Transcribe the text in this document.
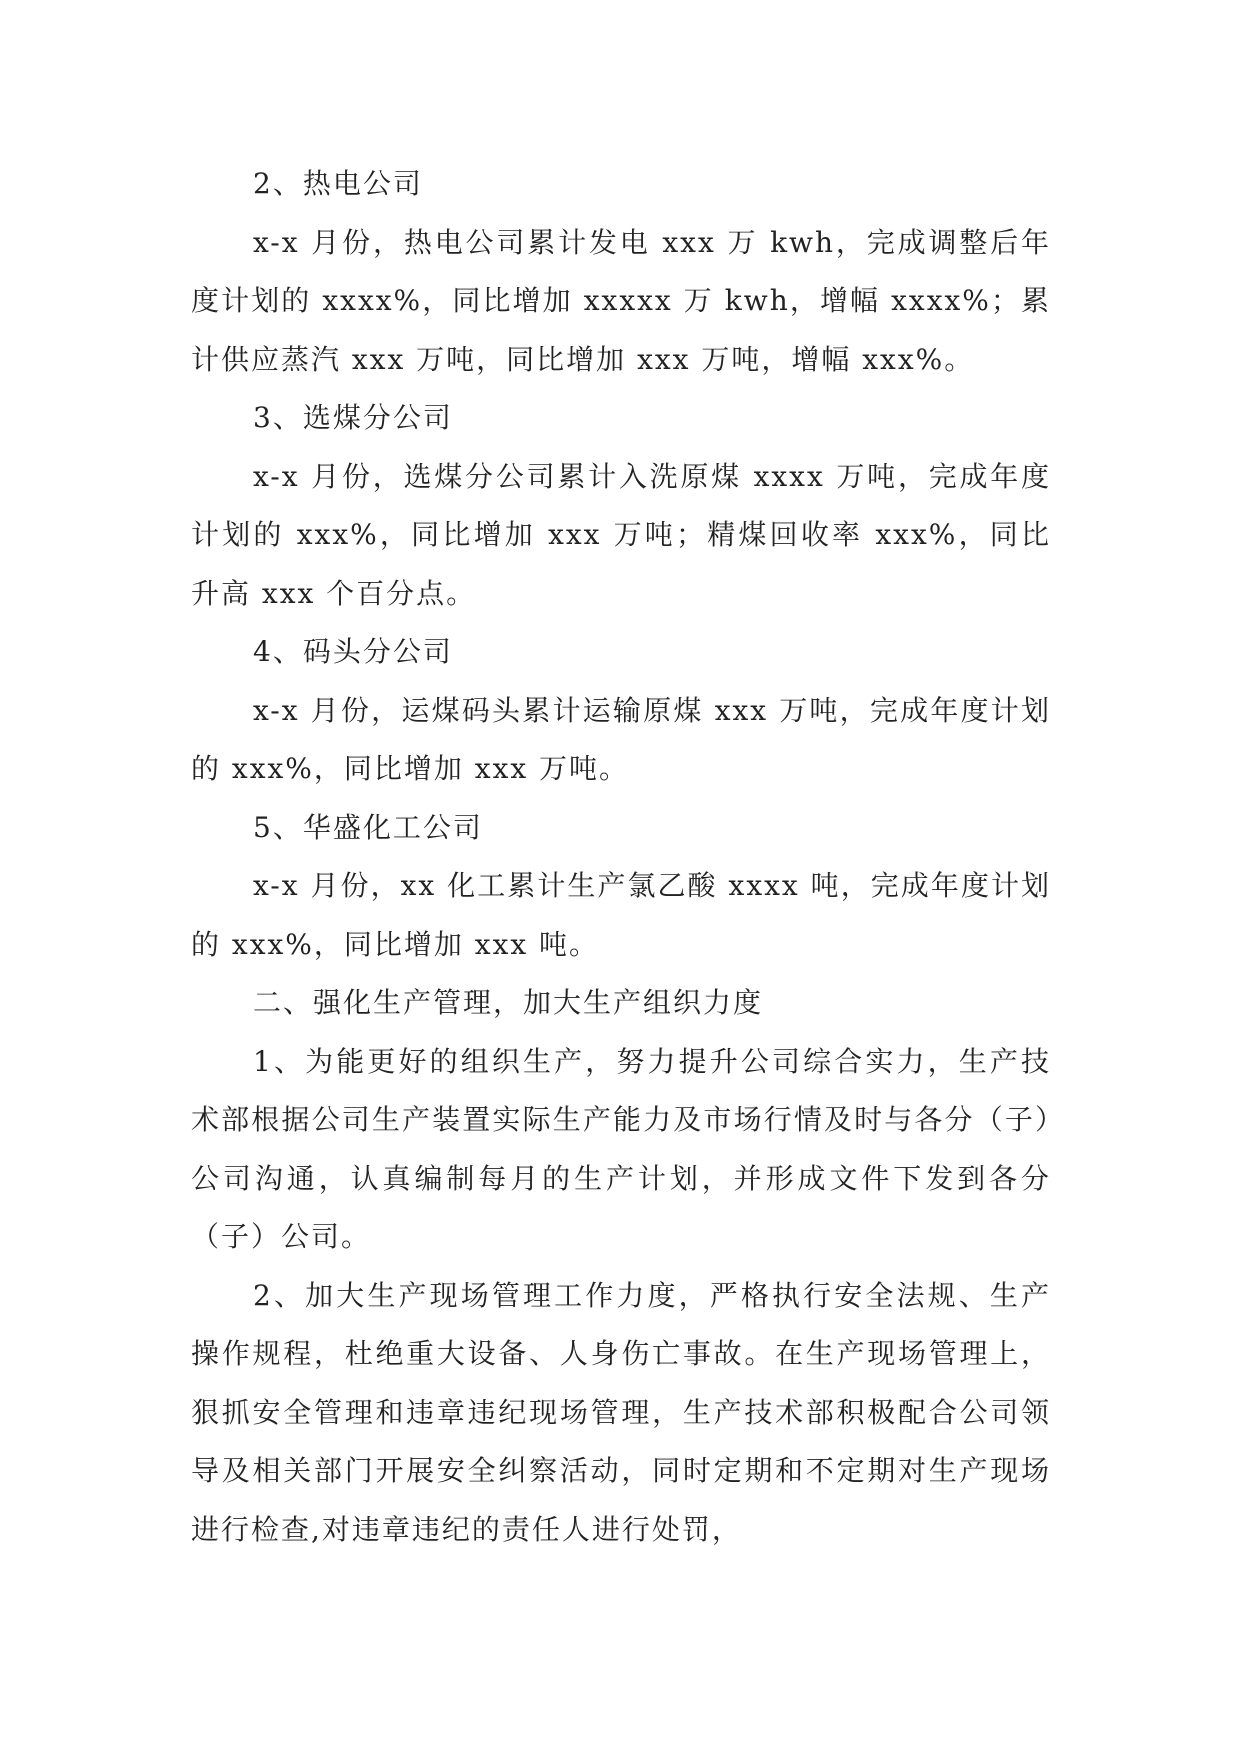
2、热电公司

x-x 月份，热电公司累计发电 xxx 万 kwh，完成调整后年度计划的 xxxx%，同比增加 xxxxx 万 kwh，增幅 xxxx%；累计供应蒸汽 xxx 万吨，同比增加 xxx 万吨，增幅 xxx%。

3、选煤分公司

x-x 月份，选煤分公司累计入洗原煤 xxxx 万吨，完成年度计划的 xxx%，同比增加 xxx 万吨；精煤回收率 xxx%，同比升高 xxx 个百分点。

4、码头分公司

x-x 月份，运煤码头累计运输原煤 xxx 万吨，完成年度计划的 xxx%，同比增加 xxx 万吨。

5、华盛化工公司

x-x 月份，xx 化工累计生产氯乙酸 xxxx 吨，完成年度计划的 xxx%，同比增加 xxx 吨。

二、强化生产管理，加大生产组织力度

1、为能更好的组织生产，努力提升公司综合实力，生产技术部根据公司生产装置实际生产能力及市场行情及时与各分（子）公司沟通，认真编制每月的生产计划，并形成文件下发到各分（子）公司。

2、加大生产现场管理工作力度，严格执行安全法规、生产操作规程，杜绝重大设备、人身伤亡事故。在生产现场管理上，狠抓安全管理和违章违纪现场管理，生产技术部积极配合公司领导及相关部门开展安全纠察活动，同时定期和不定期对生产现场进行检查,对违章违纪的责任人进行处罚，
